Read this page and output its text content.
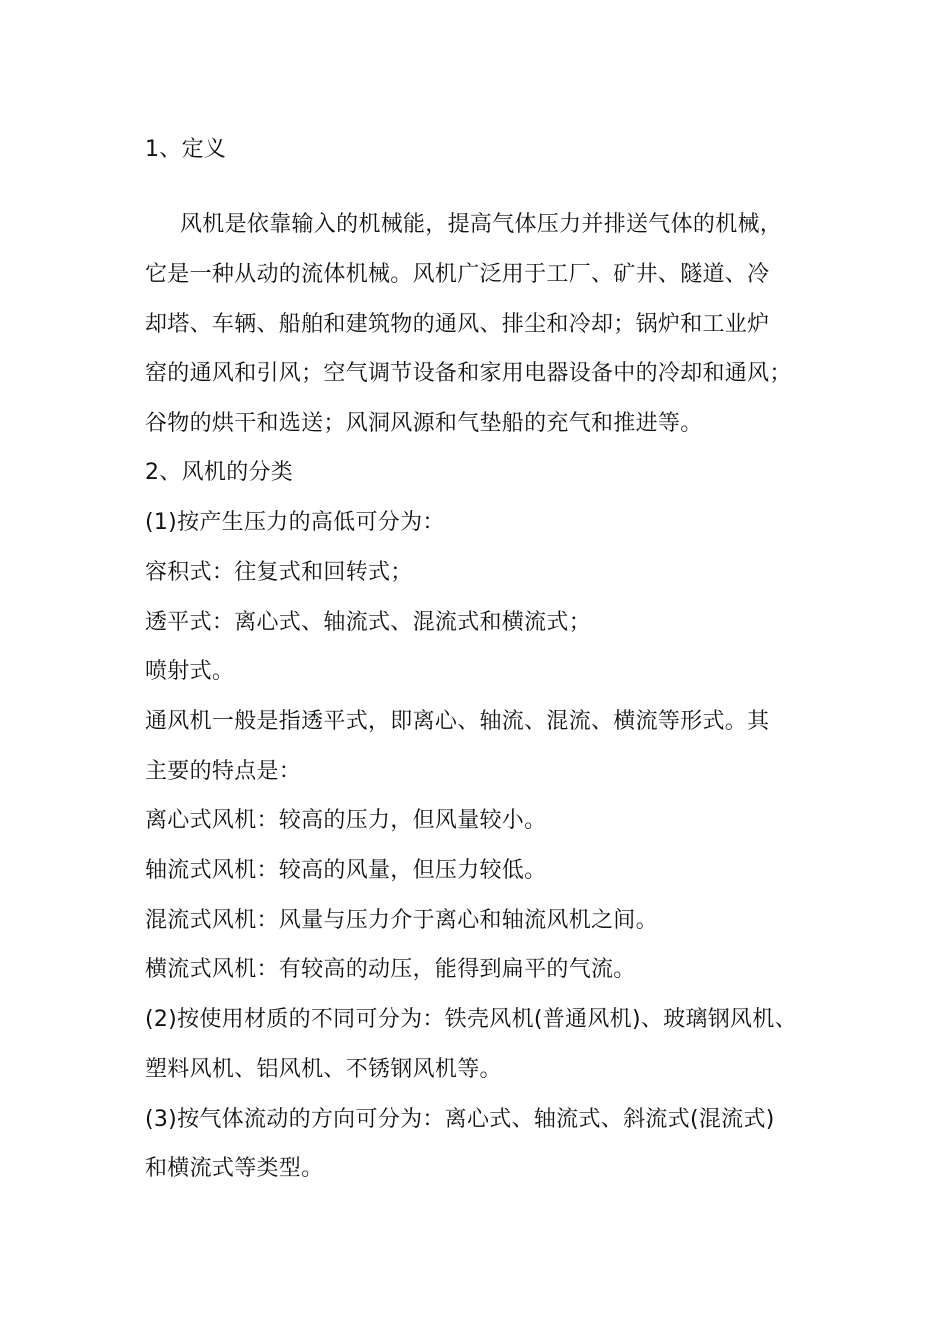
1、定义
风机是依靠输入的机械能，提高气体压力并排送气体的机械，
它是一种从动的流体机械。风机广泛用于工厂、矿井、隧道、冷
却塔、车辆、船舶和建筑物的通风、排尘和冷却；锅炉和工业炉
窑的通风和引风；空气调节设备和家用电器设备中的冷却和通风；
谷物的烘干和选送；风洞风源和气垫船的充气和推进等。
2、风机的分类
(1)按产生压力的高低可分为：
容积式：往复式和回转式；
透平式：离心式、轴流式、混流式和横流式；
喷射式。
通风机一般是指透平式，即离心、轴流、混流、横流等形式。其
主要的特点是：
离心式风机：较高的压力，但风量较小。
轴流式风机：较高的风量，但压力较低。
混流式风机：风量与压力介于离心和轴流风机之间。
横流式风机：有较高的动压，能得到扁平的气流。
(2)按使用材质的不同可分为：铁壳风机(普通风机)、玻璃钢风机、
塑料风机、铝风机、不锈钢风机等。
(3)按气体流动的方向可分为：离心式、轴流式、斜流式(混流式)
和横流式等类型。
